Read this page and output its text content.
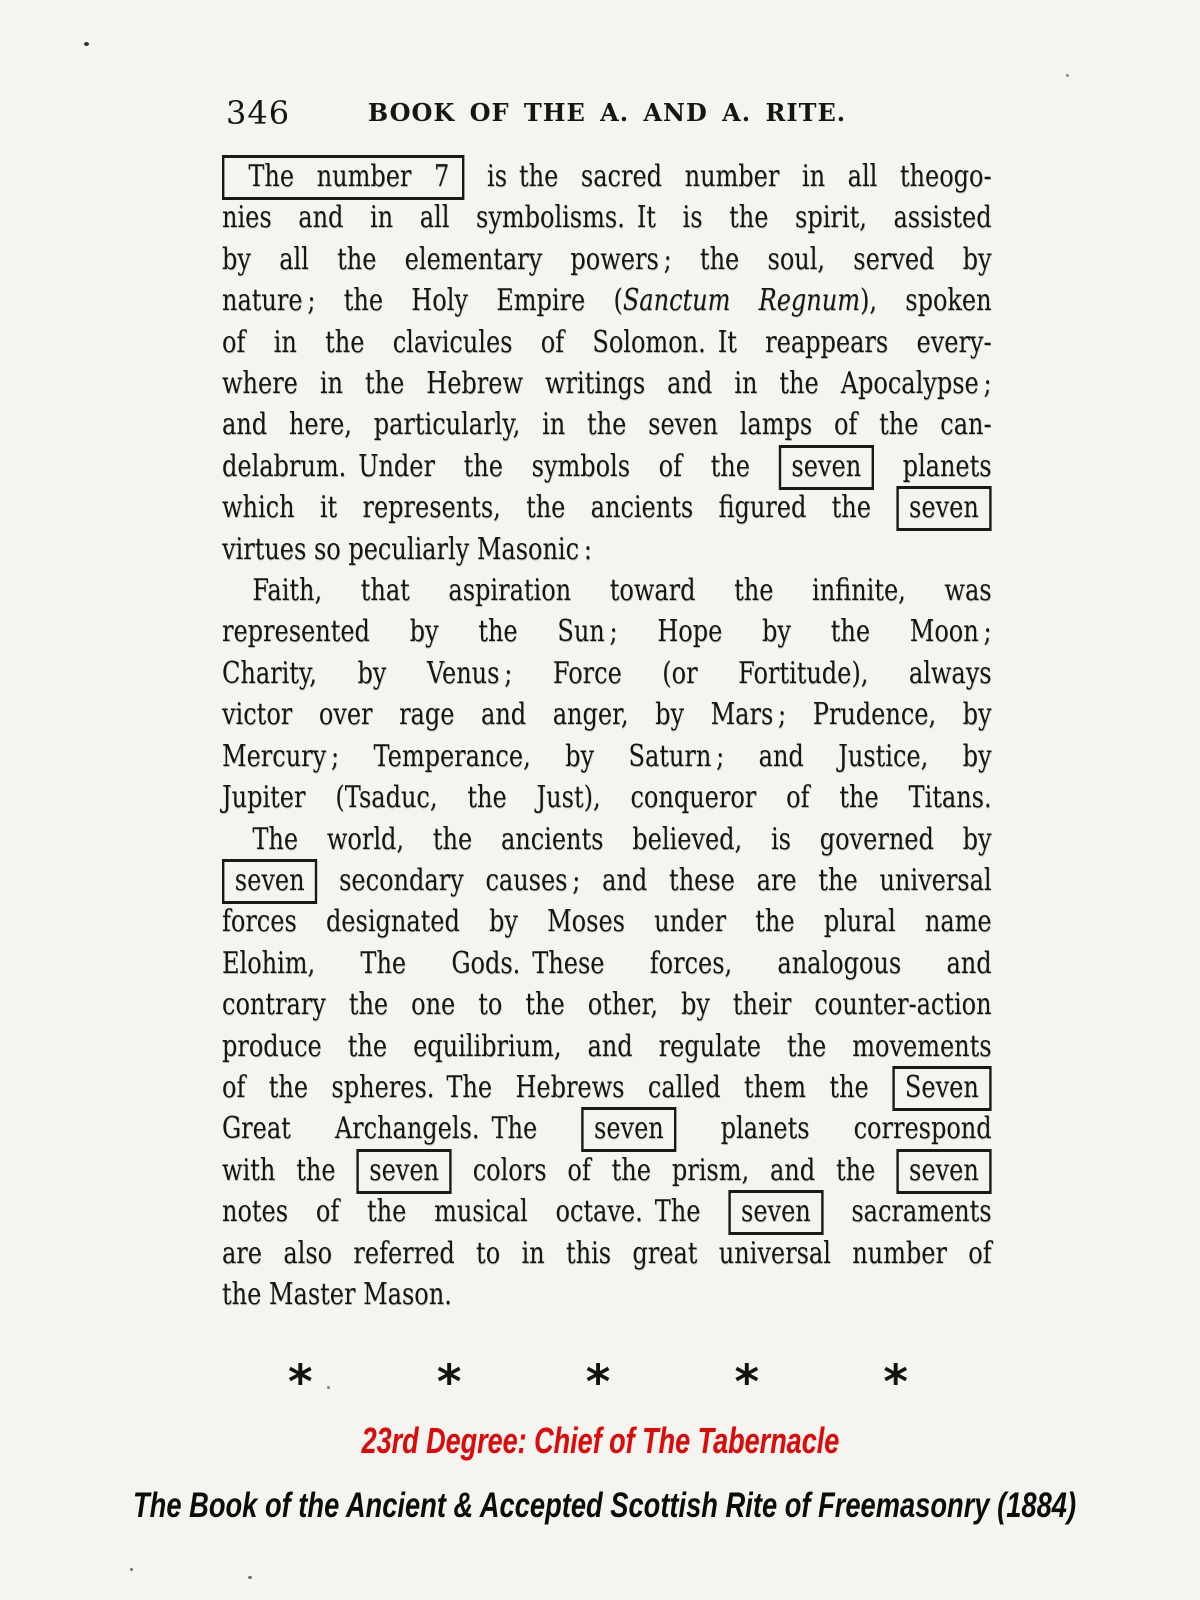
346	BOOK OF THE A. AND A. RITE.
The number 7 is the sacred number in all theogo-
nies and in all symbolisms. It is the spirit, assisted
by all the elementary powers ; the soul, served by
nature ; the Holy Empire (Sanctum Regnum), spoken
of in the clavicules of Solomon. It reappears every-
where in the Hebrew writings and in the Apocalypse ;
and here, particularly, in the seven lamps of the can-
delabrum. Under the symbols of the seven planets
which it represents, the ancients figured the seven
virtues so peculiarly Masonic :
Faith, that aspiration toward the infinite, was
represented by the Sun ; Hope by the Moon ;
Charity, by Venus ; Force (or Fortitude), always
victor over rage and anger, by Mars ; Prudence, by
Mercury ; Temperance, by Saturn ; and Justice, by
Jupiter (Tsaduc, the Just), conqueror of the Titans.
The world, the ancients believed, is governed by
seven secondary causes ; and these are the universal
forces designated by Moses under the plural name
Elohim, The Gods. These forces, analogous and
contrary the one to the other, by their counter-action
produce the equilibrium, and regulate the movements
of the spheres. The Hebrews called them the Seven
Great Archangels. The seven planets correspond
with the seven colors of the prism, and the seven
notes of the musical octave. The seven sacraments
are also referred to in this great universal number of
the Master Mason.
*	*	*	*	*
23rd Degree: Chief of The Tabernacle
The Book of the Ancient & Accepted Scottish Rite of Freemasonry (1884)
